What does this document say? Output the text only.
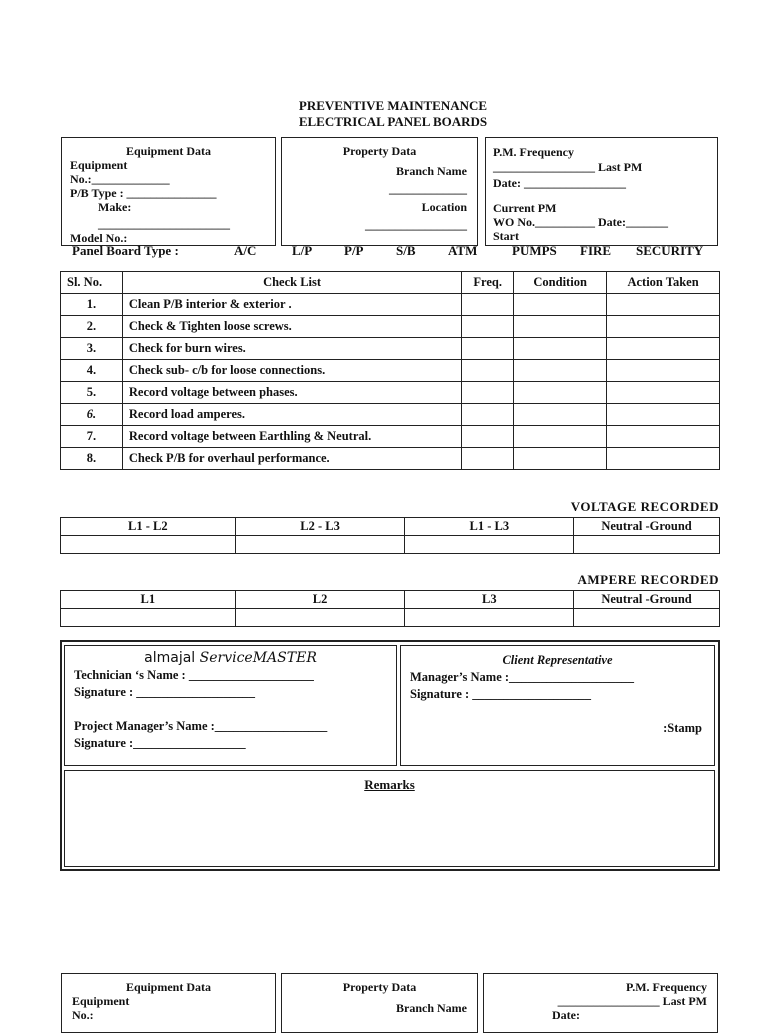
PREVENTIVE MAINTENANCE
ELECTRICAL PANEL BOARDS
Equipment Data
Equipment
No.:_____________
P/B Type : _______________
Make:
______________________
Model No.:
Property Data
Branch Name
_____________
Location
_________________
P.M. Frequency
_________________ Last PM
Date: _________________
Current PM
WO No.__________ Date:_______
Start
Panel Board Type :	A/C	L/P P/P	S/B ATM	PUMPS FIRE SECURITY
Sl. No.	Check List	Freq.	Condition	Action Taken
1.	Clean P/B interior & exterior .			
2.	Check & Tighten loose screws.			
3.	Check for burn wires.			
4.	Check sub- c/b for loose connections.			
5.	Record voltage between phases.			
6.	Record load amperes.			
7.	Record voltage between Earthling & Neutral.			
8.	Check P/B for overhaul performance.			
VOLTAGE RECORDED
L1 - L2	L2 - L3	L1 - L3	Neutral -Ground

AMPERE RECORDED
L1	L2	L3	Neutral -Ground

almajal ServiceMASTER
Technician ‘s Name : ____________________
Signature : ___________________
Project Manager’s Name :__________________
Signature :__________________
Client Representative
Manager’s Name :____________________
Signature : ___________________
:Stamp
Remarks
Equipment Data
Equipment
No.:
Property Data
Branch Name
P.M. Frequency
_________________ Last PM
Date:
